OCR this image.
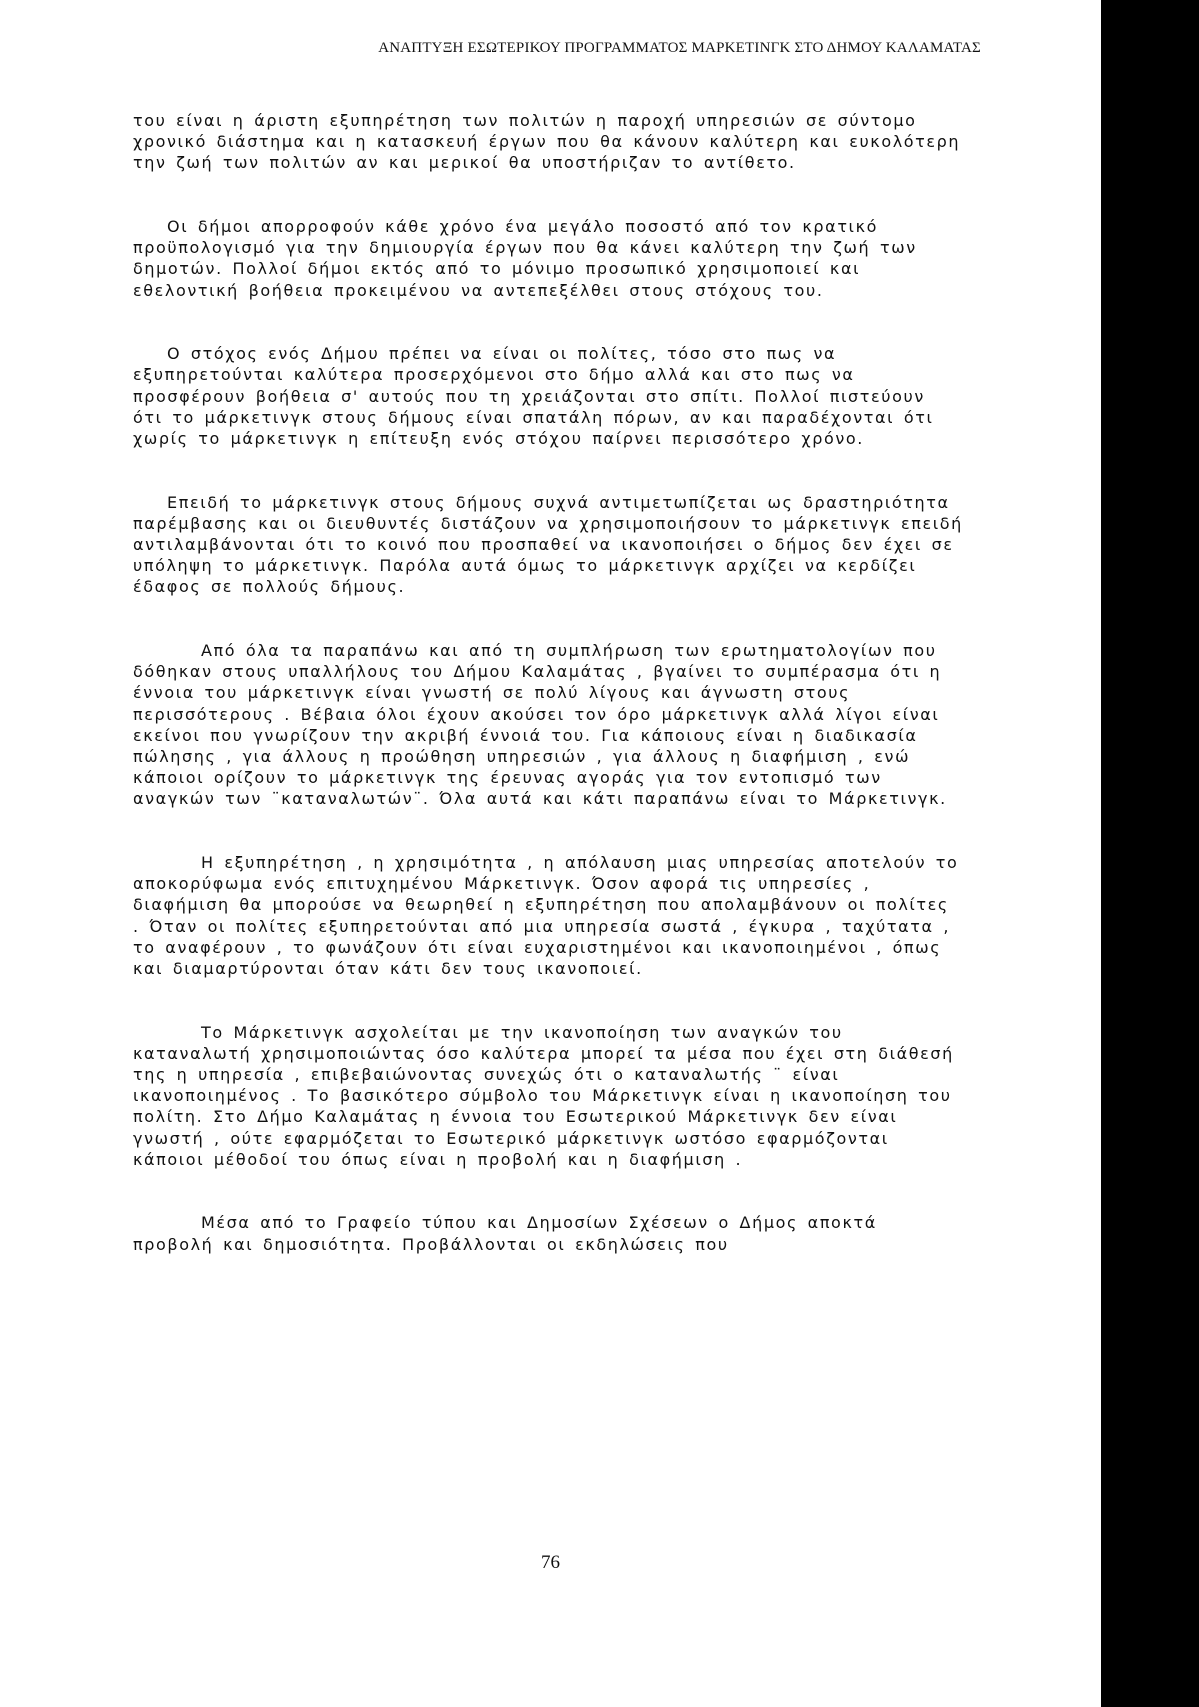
ΑΝΑΠΤΥΞΗ ΕΣΩΤΕΡΙΚΟΥ ΠΡΟΓΡΑΜΜΑΤΟΣ ΜΑΡΚΕΤΙΝΓΚ ΣΤΟ ΔΗΜΟΥ ΚΑΛΑΜΑΤΑΣ

του είναι η άριστη εξυπηρέτηση των πολιτών η παροχή υπηρεσιών σε σύντομο χρονικό διάστημα και η κατασκευή έργων που θα κάνουν καλύτερη και ευκολότερη την ζωή των πολιτών αν και μερικοί θα υποστήριζαν το αντίθετο.

Οι δήμοι απορροφούν κάθε χρόνο ένα μεγάλο ποσοστό από τον κρατικό προϋπολογισμό για την δημιουργία έργων που θα κάνει καλύτερη την ζωή των δημοτών. Πολλοί δήμοι εκτός από το μόνιμο προσωπικό χρησιμοποιεί και εθελοντική βοήθεια προκειμένου να αντεπεξέλθει στους στόχους του.

Ο στόχος ενός Δήμου πρέπει να είναι οι πολίτες, τόσο στο πως να εξυπηρετούνται καλύτερα προσερχόμενοι στο δήμο αλλά και στο πως να προσφέρουν βοήθεια σ' αυτούς που τη χρειάζονται στο σπίτι. Πολλοί πιστεύουν ότι το μάρκετινγκ στους δήμους είναι σπατάλη πόρων, αν και παραδέχονται ότι χωρίς το μάρκετινγκ η επίτευξη ενός στόχου παίρνει περισσότερο χρόνο.

Επειδή το μάρκετινγκ στους δήμους συχνά αντιμετωπίζεται ως δραστηριότητα παρέμβασης και οι διευθυντές διστάζουν να χρησιμοποιήσουν το μάρκετινγκ επειδή αντιλαμβάνονται ότι το κοινό που προσπαθεί να ικανοποιήσει ο δήμος δεν έχει σε υπόληψη το μάρκετινγκ. Παρόλα αυτά όμως το μάρκετινγκ αρχίζει να κερδίζει έδαφος σε πολλούς δήμους.

Από όλα τα παραπάνω και από τη συμπλήρωση των ερωτηματολογίων που δόθηκαν στους υπαλλήλους του Δήμου Καλαμάτας , βγαίνει το συμπέρασμα ότι η έννοια του μάρκετινγκ είναι γνωστή σε πολύ λίγους και άγνωστη στους περισσότερους . Βέβαια όλοι έχουν ακούσει τον όρο μάρκετινγκ αλλά λίγοι είναι εκείνοι που γνωρίζουν την ακριβή έννοιά του. Για κάποιους είναι η διαδικασία πώλησης , για άλλους η προώθηση υπηρεσιών , για άλλους η διαφήμιση , ενώ κάποιοι ορίζουν το μάρκετινγκ της έρευνας αγοράς για τον εντοπισμό των αναγκών των ¨καταναλωτών¨. Όλα αυτά και κάτι παραπάνω είναι το Μάρκετινγκ.

Η εξυπηρέτηση , η χρησιμότητα , η απόλαυση μιας υπηρεσίας αποτελούν το αποκορύφωμα ενός επιτυχημένου Μάρκετινγκ. Όσον αφορά τις υπηρεσίες , διαφήμιση θα μπορούσε να θεωρηθεί η εξυπηρέτηση που απολαμβάνουν οι πολίτες . Όταν οι πολίτες εξυπηρετούνται από μια υπηρεσία σωστά , έγκυρα , ταχύτατα , το αναφέρουν , το φωνάζουν ότι είναι ευχαριστημένοι και ικανοποιημένοι , όπως και διαμαρτύρονται όταν κάτι δεν τους ικανοποιεί.

Το Μάρκετινγκ ασχολείται με την ικανοποίηση των αναγκών του καταναλωτή χρησιμοποιώντας όσο καλύτερα μπορεί τα μέσα που έχει στη διάθεσή της η υπηρεσία , επιβεβαιώνοντας συνεχώς ότι ο καταναλωτής ¨ είναι ικανοποιημένος . Το βασικότερο σύμβολο του Μάρκετινγκ είναι η ικανοποίηση του πολίτη. Στο Δήμο Καλαμάτας η έννοια του Εσωτερικού Μάρκετινγκ δεν είναι γνωστή , ούτε εφαρμόζεται το Εσωτερικό μάρκετινγκ ωστόσο εφαρμόζονται κάποιοι μέθοδοί του όπως είναι η προβολή και η διαφήμιση .

Μέσα από το Γραφείο τύπου και Δημοσίων Σχέσεων ο Δήμος αποκτά προβολή και δημοσιότητα. Προβάλλονται οι εκδηλώσεις που

76
